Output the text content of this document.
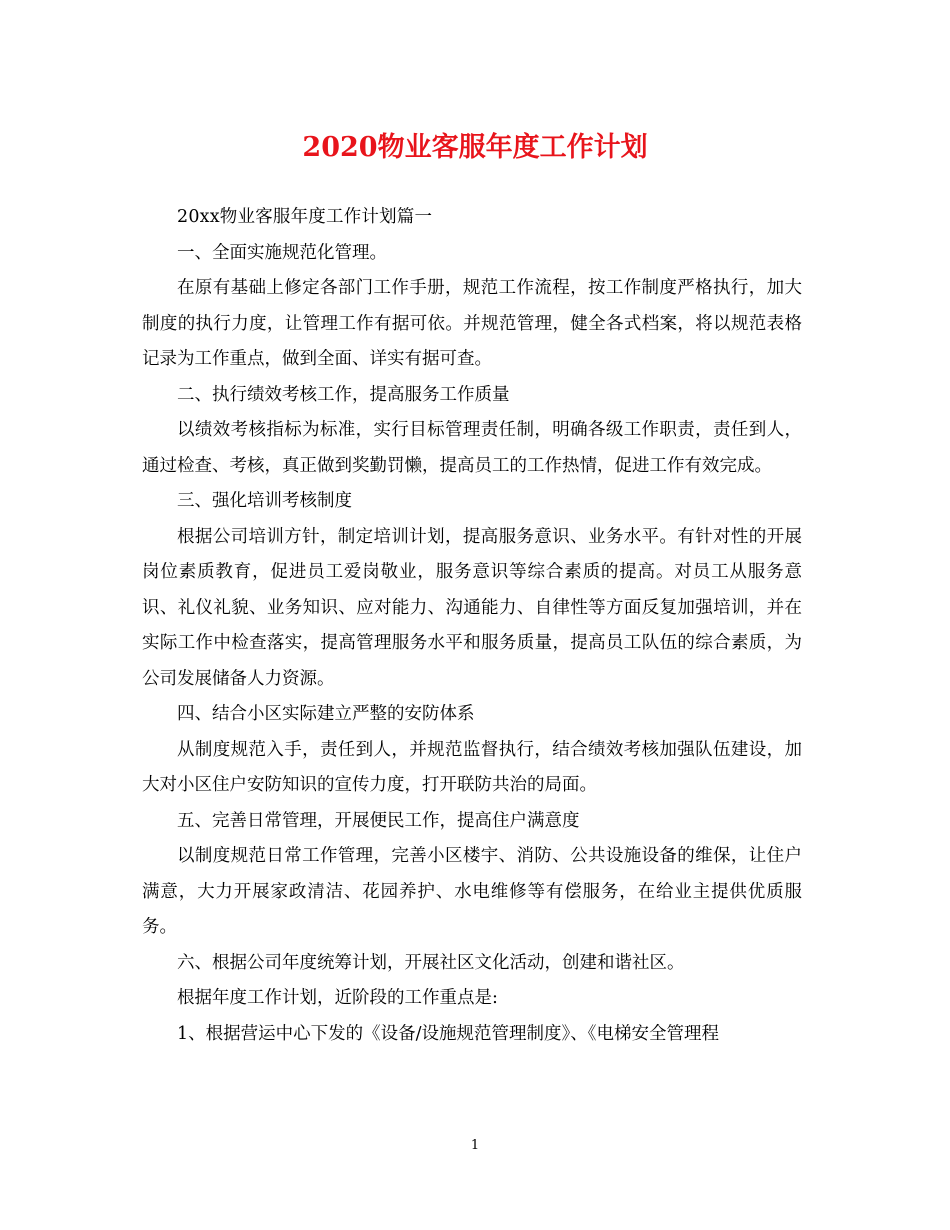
2020物业客服年度工作计划

20xx物业客服年度工作计划篇一

一、全面实施规范化管理。

在原有基础上修定各部门工作手册，规范工作流程，按工作制度严格执行，加大制度的执行力度，让管理工作有据可依。并规范管理，健全各式档案，将以规范表格记录为工作重点，做到全面、详实有据可查。

二、执行绩效考核工作，提高服务工作质量

以绩效考核指标为标准，实行目标管理责任制，明确各级工作职责，责任到人，通过检查、考核，真正做到奖勤罚懒，提高员工的工作热情，促进工作有效完成。

三、强化培训考核制度

根据公司培训方针，制定培训计划，提高服务意识、业务水平。有针对性的开展岗位素质教育，促进员工爱岗敬业，服务意识等综合素质的提高。对员工从服务意识、礼仪礼貌、业务知识、应对能力、沟通能力、自律性等方面反复加强培训，并在实际工作中检查落实，提高管理服务水平和服务质量，提高员工队伍的综合素质，为公司发展储备人力资源。

四、结合小区实际建立严整的安防体系

从制度规范入手，责任到人，并规范监督执行，结合绩效考核加强队伍建设，加大对小区住户安防知识的宣传力度，打开联防共治的局面。

五、完善日常管理，开展便民工作，提高住户满意度

以制度规范日常工作管理，完善小区楼宇、消防、公共设施设备的维保，让住户满意，大力开展家政清洁、花园养护、水电维修等有偿服务，在给业主提供优质服务。

六、根据公司年度统筹计划，开展社区文化活动，创建和谐社区。

根据年度工作计划，近阶段的工作重点是:

1、根据营运中心下发的《设备/设施规范管理制度》、《电梯安全管理程

1
